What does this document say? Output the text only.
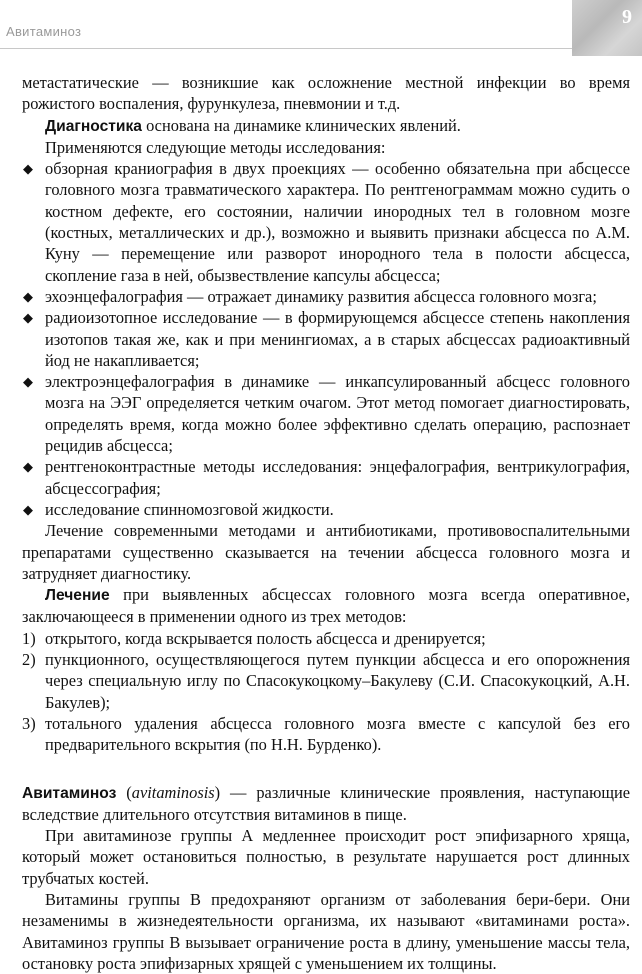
Авитаминоз
9

метастатические — возникшие как осложнение местной инфекции во время рожистого воспаления, фурункулеза, пневмонии и т.д.

Диагностика основана на динамике клинических явлений.

Применяются следующие методы исследования:

◆ обзорная краниография в двух проекциях — особенно обязательна при абсцессе головного мозга травматического характера. По рентгенограммам можно судить о костном дефекте, его состоянии, наличии инородных тел в головном мозге (костных, металлических и др.), возможно и выявить признаки абсцесса по А.М. Куну — перемещение или разворот инородного тела в полости абсцесса, скопление газа в ней, обызвествление капсулы абсцесса;
◆ эхоэнцефалография — отражает динамику развития абсцесса головного мозга;
◆ радиоизотопное исследование — в формирующемся абсцессе степень накопления изотопов такая же, как и при менингиомах, а в старых абсцессах радиоактивный йод не накапливается;
◆ электроэнцефалография в динамике — инкапсулированный абсцесс головного мозга на ЭЭГ определяется четким очагом. Этот метод помогает диагностировать, определять время, когда можно более эффективно сделать операцию, распознает рецидив абсцесса;
◆ рентгеноконтрастные методы исследования: энцефалография, вентрикулография, абсцессография;
◆ исследование спинномозговой жидкости.

Лечение современными методами и антибиотиками, противовоспалительными препаратами существенно сказывается на течении абсцесса головного мозга и затрудняет диагностику.

Лечение при выявленных абсцессах головного мозга всегда оперативное, заключающееся в применении одного из трех методов:

1) открытого, когда вскрывается полость абсцесса и дренируется;
2) пункционного, осуществляющегося путем пункции абсцесса и его опорожнения через специальную иглу по Спасокукоцкому–Бакулеву (С.И. Спасокукоцкий, А.Н. Бакулев);
3) тотального удаления абсцесса головного мозга вместе с капсулой без его предварительного вскрытия (по Н.Н. Бурденко).

Авитаминоз (avitaminosis) — различные клинические проявления, наступающие вследствие длительного отсутствия витаминов в пище.

При авитаминозе группы А медленнее происходит рост эпифизарного хряща, который может остановиться полностью, в результате нарушается рост длинных трубчатых костей.

Витамины группы В предохраняют организм от заболевания бери-бери. Они незаменимы в жизнедеятельности организма, их называют «витаминами роста». Авитаминоз группы В вызывает ограничение роста в длину, уменьшение массы тела, остановку роста эпифизарных хрящей с уменьшением их толщины.
